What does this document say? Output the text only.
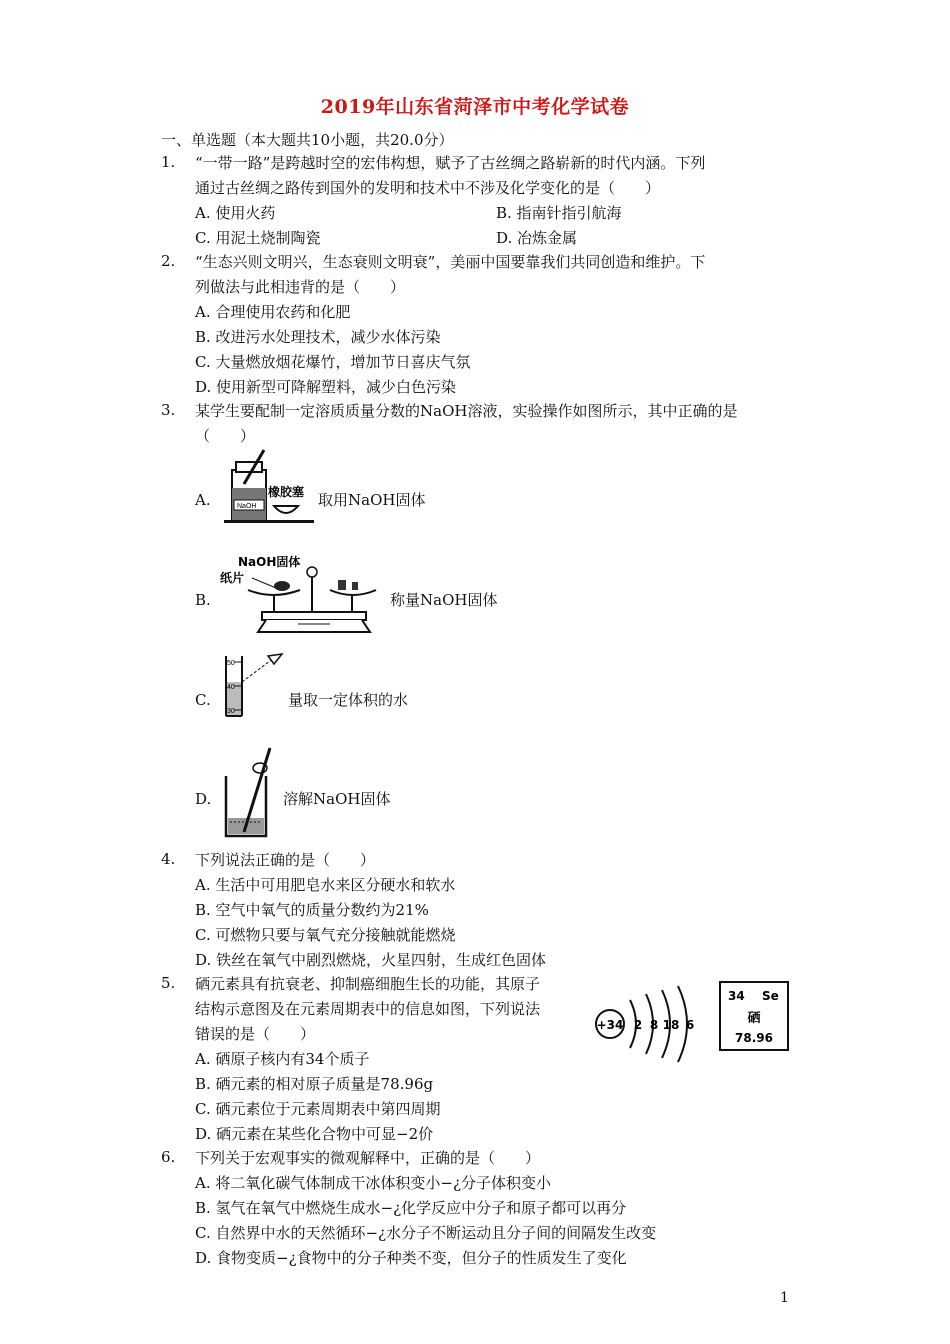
2019年山东省菏泽市中考化学试卷
一、单选题（本大题共10小题，共20.0分）
1. “一带一路”是跨越时空的宏伟构想，赋予了古丝绸之路崭新的时代内涵。下列
通过古丝绸之路传到国外的发明和技术中不涉及化学变化的是（　　）
A. 使用火药	B. 指南针指引航海
C. 用泥土烧制陶瓷	D. 冶炼金属
2. “生态兴则文明兴，生态衰则文明衰”，美丽中国要靠我们共同创造和维护。下
列做法与此相违背的是（　　）
A. 合理使用农药和化肥
B. 改进污水处理技术，减少水体污染
C. 大量燃放烟花爆竹，增加节日喜庆气氛
D. 使用新型可降解塑料，减少白色污染
3. 某学生要配制一定溶质质量分数的NaOH溶液，实验操作如图所示，其中正确的是
（　　）
A.	NaOH
橡胶塞 取用NaOH固体
B.
NaOH固体
纸片
称量NaOH固体
C.
50
40
30
量取一定体积的水
D.	溶解NaOH固体
4. 下列说法正确的是（　　）
A. 生活中可用肥皂水来区分硬水和软水
B. 空气中氧气的质量分数约为21%
C. 可燃物只要与氧气充分接触就能燃烧
D. 铁丝在氧气中剧烈燃烧，火星四射，生成红色固体
5. 硒元素具有抗衰老、抑制癌细胞生长的功能，其原子
结构示意图及在元素周期表中的信息如图，下列说法
错误的是（　　）	+34 2 8 18 6
34 Se
硒
78.96
A. 硒原子核内有34个质子
B. 硒元素的相对原子质量是78.96g
C. 硒元素位于元素周期表中第四周期
D. 硒元素在某些化合物中可显−2价
6. 下列关于宏观事实的微观解释中，正确的是（　　）
A. 将二氧化碳气体制成干冰体积变小−¿分子体积变小
B. 氢气在氧气中燃烧生成水−¿化学反应中分子和原子都可以再分
C. 自然界中水的天然循环−¿水分子不断运动且分子间的间隔发生改变
D. 食物变质−¿食物中的分子种类不变，但分子的性质发生了变化
1
